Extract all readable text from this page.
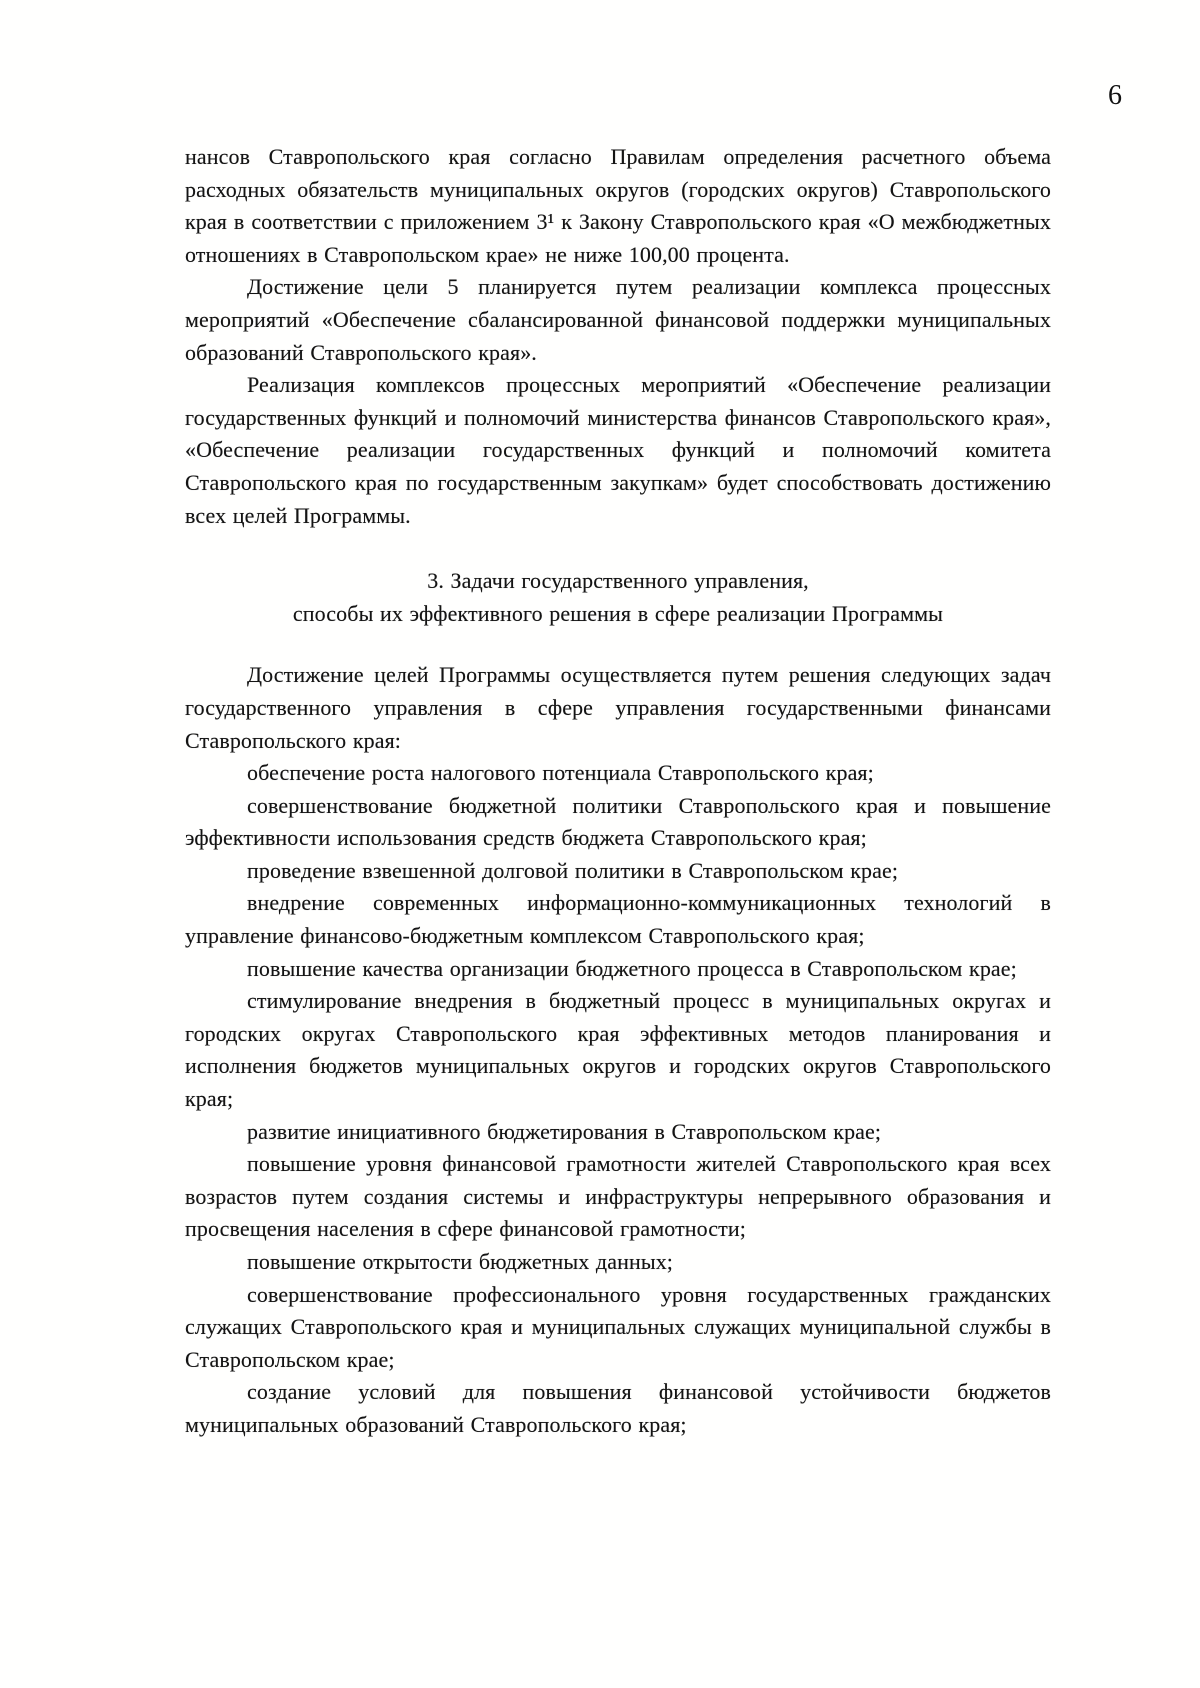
6

нансов Ставропольского края согласно Правилам определения расчетного объема расходных обязательств муниципальных округов (городских округов) Ставропольского края в соответствии с приложением 3¹ к Закону Ставропольского края «О межбюджетных отношениях в Ставропольском крае» не ниже 100,00 процента.

Достижение цели 5 планируется путем реализации комплекса процессных мероприятий «Обеспечение сбалансированной финансовой поддержки муниципальных образований Ставропольского края».

Реализация комплексов процессных мероприятий «Обеспечение реализации государственных функций и полномочий министерства финансов Ставропольского края», «Обеспечение реализации государственных функций и полномочий комитета Ставропольского края по государственным закупкам» будет способствовать достижению всех целей Программы.

3. Задачи государственного управления,
способы их эффективного решения в сфере реализации Программы

Достижение целей Программы осуществляется путем решения следующих задач государственного управления в сфере управления государственными финансами Ставропольского края:

обеспечение роста налогового потенциала Ставропольского края;

совершенствование бюджетной политики Ставропольского края и повышение эффективности использования средств бюджета Ставропольского края;

проведение взвешенной долговой политики в Ставропольском крае;

внедрение современных информационно-коммуникационных технологий в управление финансово-бюджетным комплексом Ставропольского края;

повышение качества организации бюджетного процесса в Ставропольском крае;

стимулирование внедрения в бюджетный процесс в муниципальных округах и городских округах Ставропольского края эффективных методов планирования и исполнения бюджетов муниципальных округов и городских округов Ставропольского края;

развитие инициативного бюджетирования в Ставропольском крае;

повышение уровня финансовой грамотности жителей Ставропольского края всех возрастов путем создания системы и инфраструктуры непрерывного образования и просвещения населения в сфере финансовой грамотности;

повышение открытости бюджетных данных;

совершенствование профессионального уровня государственных гражданских служащих Ставропольского края и муниципальных служащих муниципальной службы в Ставропольском крае;

создание условий для повышения финансовой устойчивости бюджетов муниципальных образований Ставропольского края;
